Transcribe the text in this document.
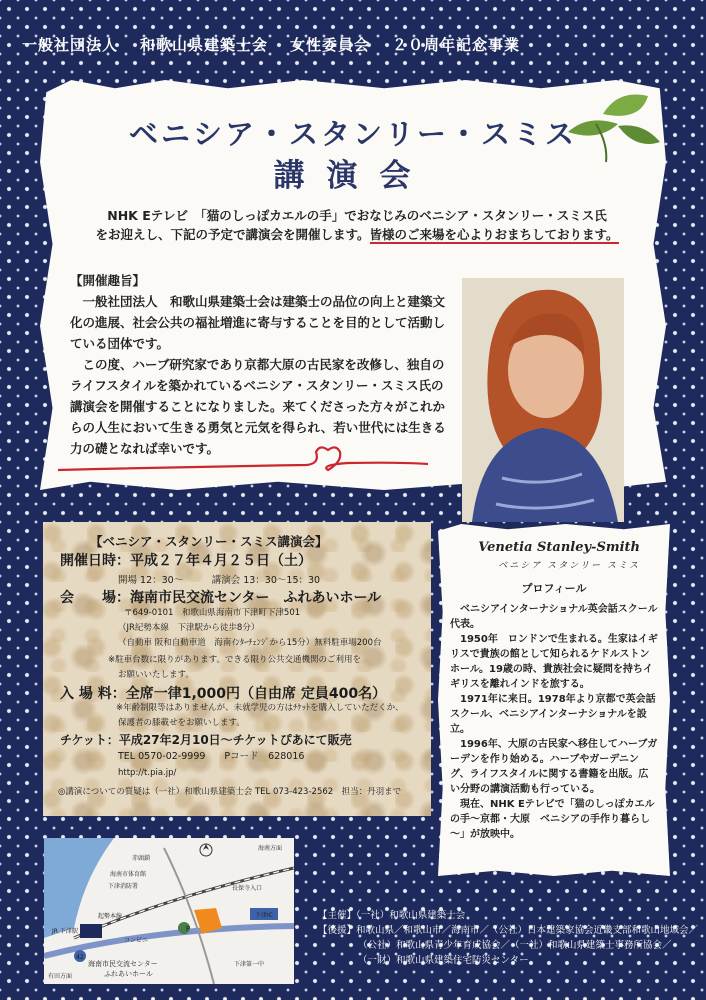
一般社団法人 和歌山県建築士会 女性委員会 ２０周年記念事業
ベニシア・スタンリー・スミス
講演会
NHK Eテレビ　「猫のしっぽカエルの手」でおなじみのベニシア・スタンリー・スミス氏
をお迎えし、下記の予定で講演会を開催します。皆様のご来場を心よりおまちしております。

【開催趣旨】

一般社団法人　和歌山県建築士会は建築士の品位の向上と建築文化の進展、社会公共の福祉増進に寄与することを目的として活動している団体です。

この度、ハーブ研究家であり京都大原の古民家を改修し、独自のライフスタイルを築かれているベニシア・スタンリー・スミス氏の講演会を開催することになりました。来てくださった方々がこれからの人生において生きる勇気と元気を得られ、若い世代には生きる力の礎となれば幸いです。

【ベニシア・スタンリー・スミス講演会】
開催日時：平成２７年４月２５日（土）
開場 12：30～　　　講演会 13：30～15：30
会　　場：海南市民交流センター　ふれあいホール
〒649-0101　和歌山県海南市下津町下津501
（JR紀勢本線　下津駅から徒歩8分）
（自動車 阪和自動車道　海南ｲﾝﾀｰﾁｪﾝｼﾞから15分）無料駐車場200台
※駐車台数に限りがあります。できる限り公共交通機関のご利用を
お願いいたします。
入 場 料：全席一律1,000円（自由席 定員400名）
※年齢制限等はありませんが、未就学児の方はﾁｹｯﾄを購入していただくか、
保護者の膝載せをお願いします。
チケット：平成27年2月10日～チケットぴあにて販売
TEL 0570-02-9999　　Pコード　628016
http://t.pia.jp/
◎講演についての質疑は（一社）和歌山県建築士会 TEL 073-423-2562　担当：丹羽まで
P
JR 下津駅
赤頭鎖
海南市体育館
下津消防署
起勢本線
コンビニ
海南市民交流センター
ふれあいホール
長保寺入口
下津第一中
有田方面
海南方面
42
下津IC
Venetia Stanley-Smith
ベニシア スタンリー スミス
プロフィール

ベニシアインターナショナル英会話スクール代表。

1950年　ロンドンで生まれる。生家はイギリスで貴族の館として知られるケドルストンホール。19歳の時、貴族社会に疑問を持ちイギリスを離れインドを旅する。

1971年に来日。1978年より京都で英会話スクール、ベニシアインターナショナルを設立。

1996年、大原の古民家へ移住してハーブガーデンを作り始める。ハーブやガーデニング、ライフスタイルに関する書籍を出版。広い分野の講演活動も行っている。

現在、NHK Eテレビで「猫のしっぽカエルの手～京都・大原　ベニシアの手作り暮らし～」が放映中。

【主催】（一社）和歌山県建築士会
【後援】和歌山県／和歌山市／海南市／（公社）日本建築家協会近畿支部和歌山地域会／
（公社）和歌山県青少年育成協会／（一社）和歌山県建築士事務所協会／
（一財）和歌山県建築住宅防災センター
